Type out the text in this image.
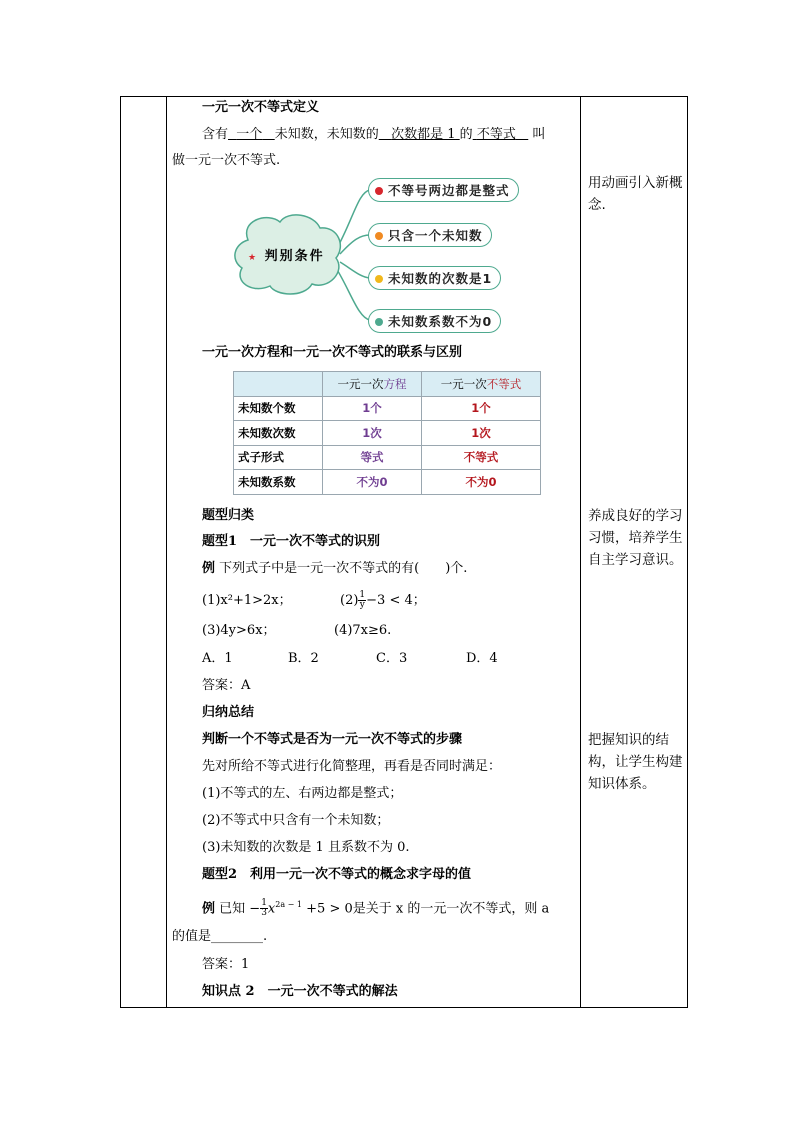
一元一次不等式定义
含有 一个 未知数，未知数的 次数都是 1 的 不等式 叫
做一元一次不等式.
★ 判别条件
不等号两边都是整式
只含一个未知数
未知数的次数是1
未知数系数不为0
一元一次方程和一元一次不等式的联系与区别
	一元一次方程	一元一次不等式
未知数个数	1个	1个
未知数次数	1次	1次
式子形式	等式	不等式
未知数系数	不为0	不为0
题型归类
题型1　一元一次不等式的识别
例 下列式子中是一元一次不等式的有(　　)个.
(1)x²+1>2x；	$(2) \frac{1}{y} -3 < 4$；
(3)4y>6x；	(4)7x≥6.
A．1	B．2	C．3	D．4
答案：A
归纳总结
判断一个不等式是否为一元一次不等式的步骤
先对所给不等式进行化简整理，再看是否同时满足：
(1)不等式的左、右两边都是整式；
(2)不等式中只含有一个未知数；
(3)未知数的次数是 1 且系数不为 0.
题型2　利用一元一次不等式的概念求字母的值
例 已知 − $\frac{1}{3} x^{2a - 1} +5 > 0$是关于 x 的一元一次不等式，则 a
的值是________.
答案：1
知识点 2　一元一次不等式的解法
用动画引入新概念.
养成良好的学习习惯，培养学生自主学习意识。
把握知识的结构，让学生构建知识体系。
